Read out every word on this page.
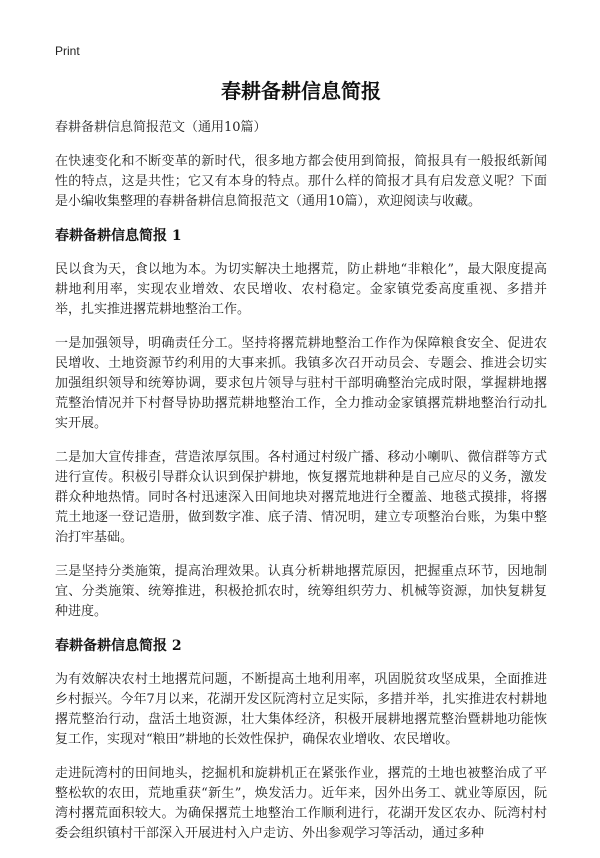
Print
春耕备耕信息简报
春耕备耕信息简报范文（通用10篇）

在快速变化和不断变革的新时代，很多地方都会使用到简报，简报具有一般报纸新闻性的特点，这是共性；它又有本身的特点。那什么样的简报才具有启发意义呢？下面是小编收集整理的春耕备耕信息简报范文（通用10篇），欢迎阅读与收藏。

春耕备耕信息简报 1

民以食为天，食以地为本。为切实解决土地撂荒，防止耕地“非粮化”，最大限度提高耕地利用率，实现农业增效、农民增收、农村稳定。金家镇党委高度重视、多措并举，扎实推进撂荒耕地整治工作。

一是加强领导，明确责任分工。坚持将撂荒耕地整治工作作为保障粮食安全、促进农民增收、土地资源节约利用的大事来抓。我镇多次召开动员会、专题会、推进会切实加强组织领导和统筹协调，要求包片领导与驻村干部明确整治完成时限，掌握耕地撂荒整治情况并下村督导协助撂荒耕地整治工作，全力推动金家镇撂荒耕地整治行动扎实开展。

二是加大宣传排查，营造浓厚氛围。各村通过村级广播、移动小喇叭、微信群等方式进行宣传。积极引导群众认识到保护耕地，恢复撂荒地耕种是自己应尽的义务，激发群众种地热情。同时各村迅速深入田间地块对撂荒地进行全覆盖、地毯式摸排，将撂荒土地逐一登记造册，做到数字准、底子清、情况明，建立专项整治台账，为集中整治打牢基础。

三是坚持分类施策，提高治理效果。认真分析耕地撂荒原因，把握重点环节，因地制宜、分类施策、统筹推进，积极抢抓农时，统筹组织劳力、机械等资源，加快复耕复种进度。

春耕备耕信息简报 2

为有效解决农村土地撂荒问题，不断提高土地利用率，巩固脱贫攻坚成果，全面推进乡村振兴。今年7月以来，花湖开发区阮湾村立足实际，多措并举，扎实推进农村耕地撂荒整治行动，盘活土地资源，壮大集体经济，积极开展耕地撂荒整治暨耕地功能恢复工作，实现对“粮田”耕地的长效性保护，确保农业增收、农民增收。

走进阮湾村的田间地头，挖掘机和旋耕机正在紧张作业，撂荒的土地也被整治成了平整松软的农田，荒地重获“新生”，焕发活力。近年来，因外出务工、就业等原因，阮湾村撂荒面积较大。为确保撂荒土地整治工作顺利进行，花湖开发区农办、阮湾村村委会组织镇村干部深入开展进村入户走访、外出参观学习等活动，通过多种
